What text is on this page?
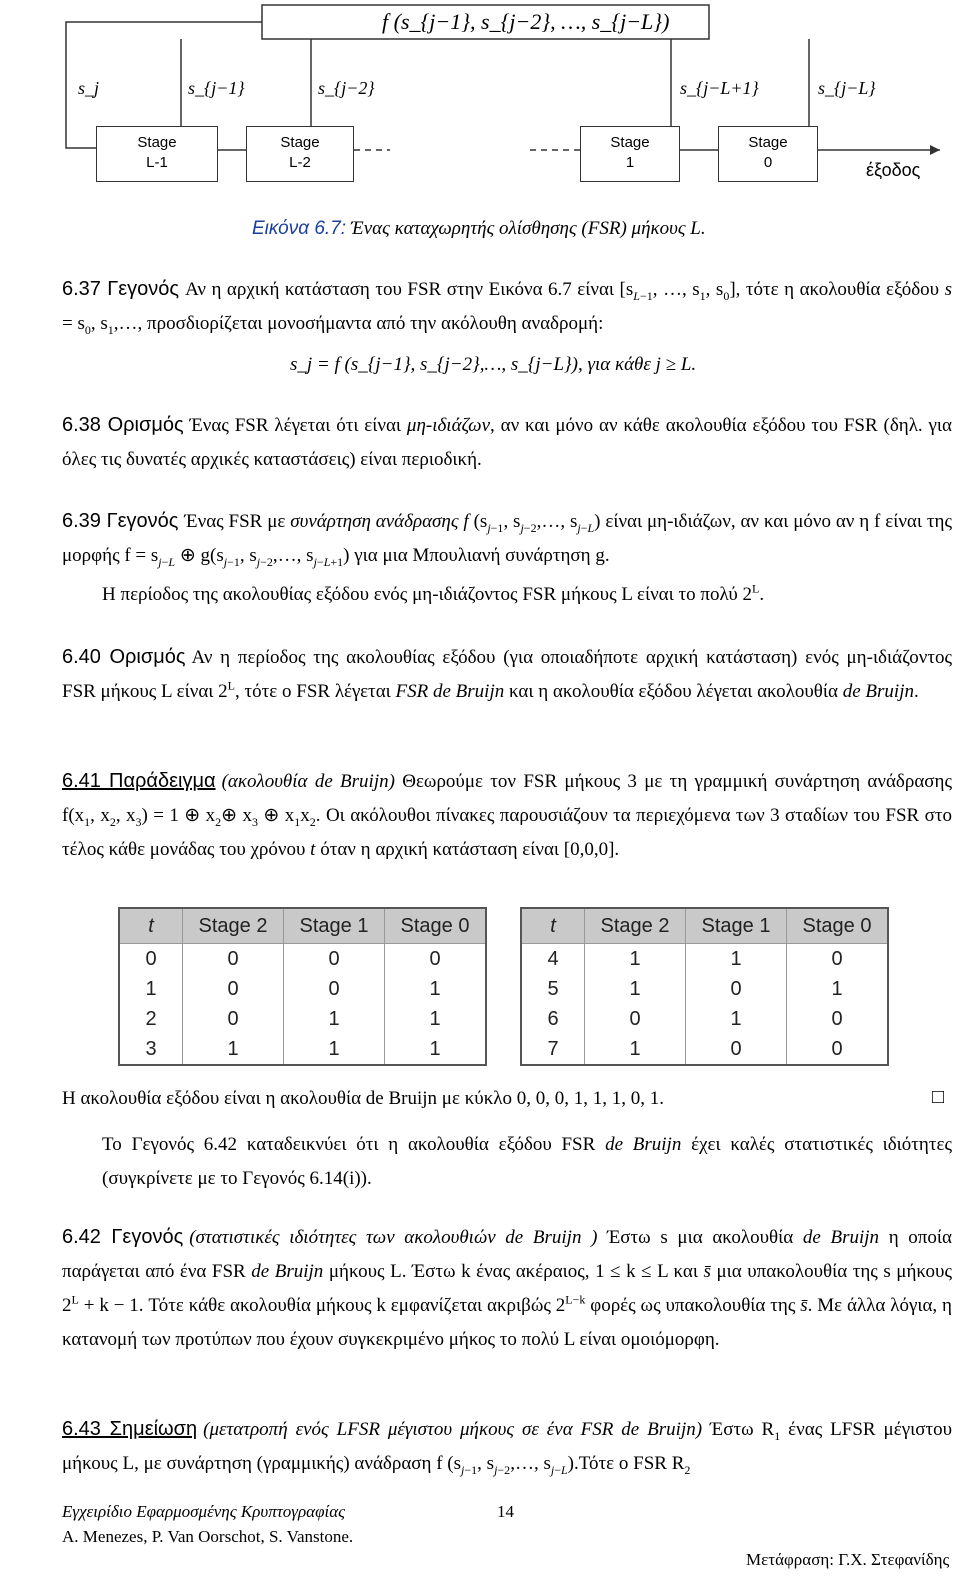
f (s_{j−1}, s_{j−2}, …, s_{j−L})
s_j	s_{j−1}	s_{j−2}	s_{j−L+1}	s_{j−L}
Stage
L-1
Stage
L-2
Stage
1
Stage
0	έξοδος
Εικόνα 6.7: Ένας καταχωρητής ολίσθησης (FSR) μήκους L.
6.37 Γεγονός Αν η αρχική κατάσταση του FSR στην Εικόνα 6.7 είναι [$s_{L-1}$, …, $s_1$, $s_0$], τότε η ακολουθία εξόδου $s = s_0$, $s_1,\dots$, προσδιορίζεται μονοσήμαντα από την ακόλουθη αναδρομή:
s_j = f (s_{j−1}, s_{j−2},…, s_{j−L}), για κάθε j ≥ L.
6.38 Ορισμός Ένας FSR λέγεται ότι είναι μη-ιδιάζων, αν και μόνο αν κάθε ακολουθία εξόδου του FSR (δηλ. για όλες τις δυνατές αρχικές καταστάσεις) είναι περιοδική.
6.39 Γεγονός Ένας FSR με συνάρτηση ανάδρασης f ($s_{j-1}$, $s_{j-2},\dots$, $s_{j-L}$) είναι μη-ιδιάζων, αν και μόνο αν η f είναι της μορφής $f = s_{j-L}$ ⊕ $g(s_{j-1}$, $s_{j-2},\dots$, $s_{j-L+1}$) για μια Μπουλιανή συνάρτηση g.
Η περίοδος της ακολουθίας εξόδου ενός μη-ιδιάζοντος FSR μήκους L είναι το πολύ $2^L$.
6.40 Ορισμός Αν η περίοδος της ακολουθίας εξόδου (για οποιαδήποτε αρχική κατάσταση) ενός μη-ιδιάζοντος FSR μήκους L είναι $2^L$, τότε ο FSR λέγεται FSR de Bruijn και η ακολουθία εξόδου λέγεται ακολουθία de Bruijn.
6.41 Παράδειγμα (ακολουθία de Bruijn) Θεωρούμε τον FSR μήκους 3 με τη γραμμική συνάρτηση ανάδρασης $f(x_1$, $x_2$, $x_3) = 1$ ⊕ $x_2\oplus$ $x_3$ ⊕ $x_1x_2$. Οι ακόλουθοι πίνακες παρουσιάζουν τα περιεχόμενα των 3 σταδίων του FSR στο τέλος κάθε μονάδας του χρόνου t όταν η αρχική κατάσταση είναι [0,0,0].
t	Stage 2	Stage 1	Stage 0
0	0	0	0
1	0	0	1
2	0	1	1
3	1	1	1
t	Stage 2	Stage 1	Stage 0
4	1	1	0
5	1	0	1
6	0	1	0
7	1	0	0
Η ακολουθία εξόδου είναι η ακολουθία de Bruijn με κύκλο 0, 0, 0, 1, 1, 1, 0, 1.	□
Το Γεγονός 6.42 καταδεικνύει ότι η ακολουθία εξόδου FSR de Bruijn έχει καλές στατιστικές ιδιότητες (συγκρίνετε με το Γεγονός 6.14(i)).
6.42 Γεγονός (στατιστικές ιδιότητες των ακολουθιών de Bruijn ) Έστω s μια ακολουθία de Bruijn η οποία παράγεται από ένα FSR de Bruijn μήκους L. Έστω k ένας ακέραιος, 1 ≤ k ≤ L και s̄ μια υπακολουθία της s μήκους $2^L + k - 1$. Τότε κάθε ακολουθία μήκους k εμφανίζεται ακριβώς $2^{L-k}$ φορές ως υπακολουθία της s̄. Με άλλα λόγια, η κατανομή των προτύπων που έχουν συγκεκριμένο μήκος το πολύ L είναι ομοιόμορφη.
6.43 Σημείωση (μετατροπή ενός LFSR μέγιστου μήκους σε ένα FSR de Bruijn) Έστω $R_1$ ένας LFSR μέγιστου μήκους L, με συνάρτηση (γραμμικής) ανάδραση f ($s_{j-1}$, $s_{j-2},\dots$, $s_{j-L}).Tό\tau\varepsilon$ ο FSR $R_2$
Εγχειρίδιο Εφαρμοσμένης Κρυπτογραφίας
A. Menezes, P. Van Oorschot, S. Vanstone.
14
Μετάφραση: Γ.Χ. Στεφανίδης
